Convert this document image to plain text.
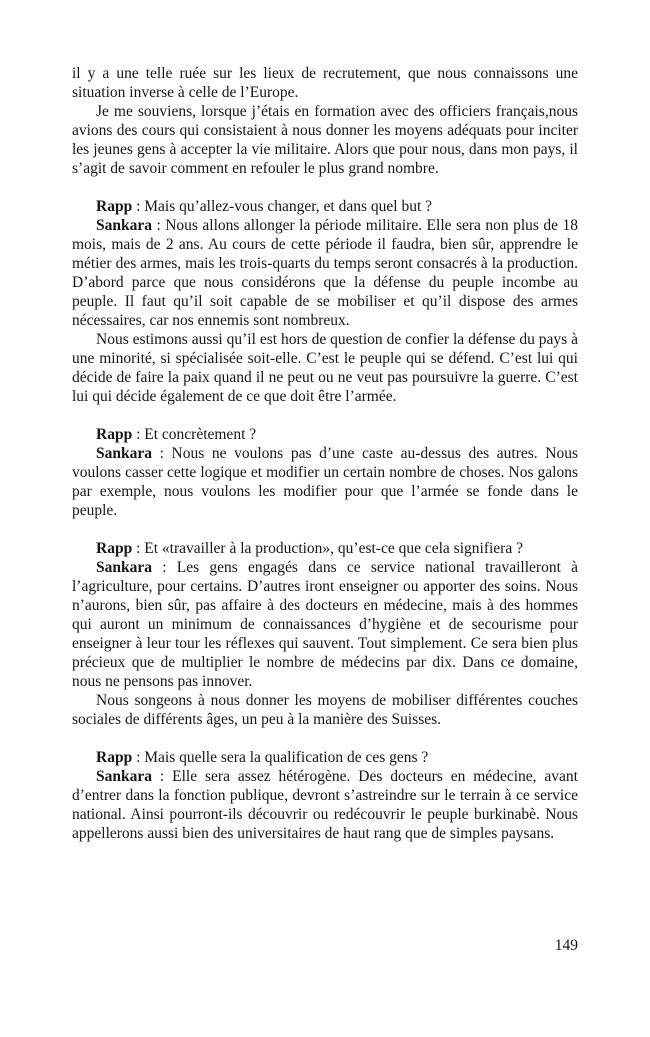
il y a une telle ruée sur les lieux de recrutement, que nous connaissons une situation inverse à celle de l’Europe.

Je me souviens, lorsque j’étais en formation avec des officiers français,nous avions des cours qui consistaient à nous donner les moyens adéquats pour inciter les jeunes gens à accepter la vie militaire. Alors que pour nous, dans mon pays, il s’agit de savoir comment en refouler le plus grand nombre.

Rapp : Mais qu’allez-vous changer, et dans quel but ?

Sankara : Nous allons allonger la période militaire. Elle sera non plus de 18 mois, mais de 2 ans. Au cours de cette période il faudra, bien sûr, apprendre le métier des armes, mais les trois-quarts du temps seront consacrés à la production. D’abord parce que nous considérons que la défense du peuple incombe au peuple. Il faut qu’il soit capable de se mobiliser et qu’il dispose des armes nécessaires, car nos ennemis sont nombreux.

Nous estimons aussi qu’il est hors de question de confier la défense du pays à une minorité, si spécialisée soit-elle. C’est le peuple qui se défend. C’est lui qui décide de faire la paix quand il ne peut ou ne veut pas poursuivre la guerre. C’est lui qui décide également de ce que doit être l’armée.

Rapp : Et concrètement ?

Sankara : Nous ne voulons pas d’une caste au-dessus des autres. Nous voulons casser cette logique et modifier un certain nombre de choses. Nos galons par exemple, nous voulons les modifier pour que l’armée se fonde dans le peuple.

Rapp : Et «travailler à la production», qu’est-ce que cela signifiera ?

Sankara : Les gens engagés dans ce service national travailleront à l’agriculture, pour certains. D’autres iront enseigner ou apporter des soins. Nous n’aurons, bien sûr, pas affaire à des docteurs en médecine, mais à des hommes qui auront un minimum de connaissances d’hygiène et de secourisme pour enseigner à leur tour les réflexes qui sauvent. Tout simplement. Ce sera bien plus précieux que de multiplier le nombre de médecins par dix. Dans ce domaine, nous ne pensons pas innover.

Nous songeons à nous donner les moyens de mobiliser différentes couches sociales de différents âges, un peu à la manière des Suisses.

Rapp : Mais quelle sera la qualification de ces gens ?

Sankara : Elle sera assez hétérogène. Des docteurs en médecine, avant d’entrer dans la fonction publique, devront s’astreindre sur le terrain à ce service national. Ainsi pourront-ils découvrir ou redécouvrir le peuple burkinabè. Nous appellerons aussi bien des universitaires de haut rang que de simples paysans.

149
